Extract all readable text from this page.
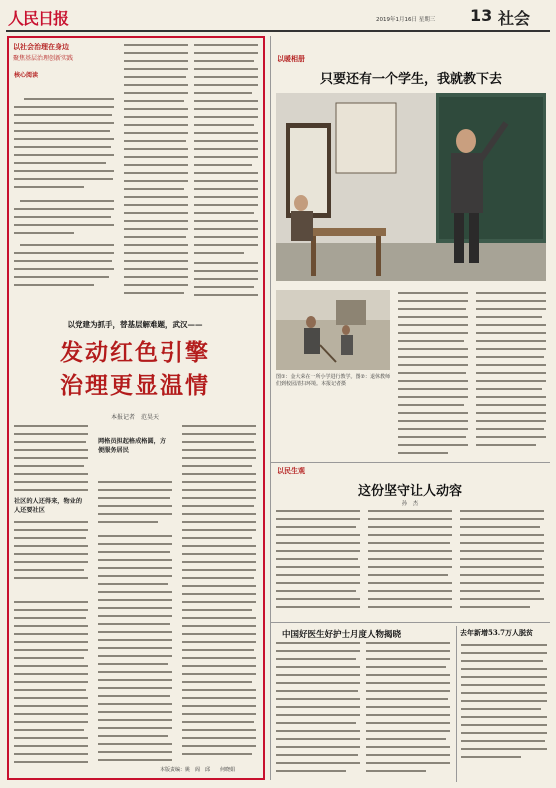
人民日报	2019年1月16日 星期三	13 社会
以社会治理在身边
聚焦基层治理创新实践
核心阅读
以党建为抓手，替基层解难题，武汉——
发动红色引擎
治理更显温情
本报记者　范昊天
网格员担起格成格圆，方便服务居民
社区的人还得来，物业的人还要社区
本版责编：姚　阁　邱　　何晓娟
以暖相册
只要还有一个学生，我就教下去
图①：金大荣在一所小学进行教学。图②：退休教师们到校园清扫环境。本报记者摄
以民生观
这份坚守让人动容
孙　杰
中国好医生好护士月度人物揭晓	去年新增53.7万人脱贫
